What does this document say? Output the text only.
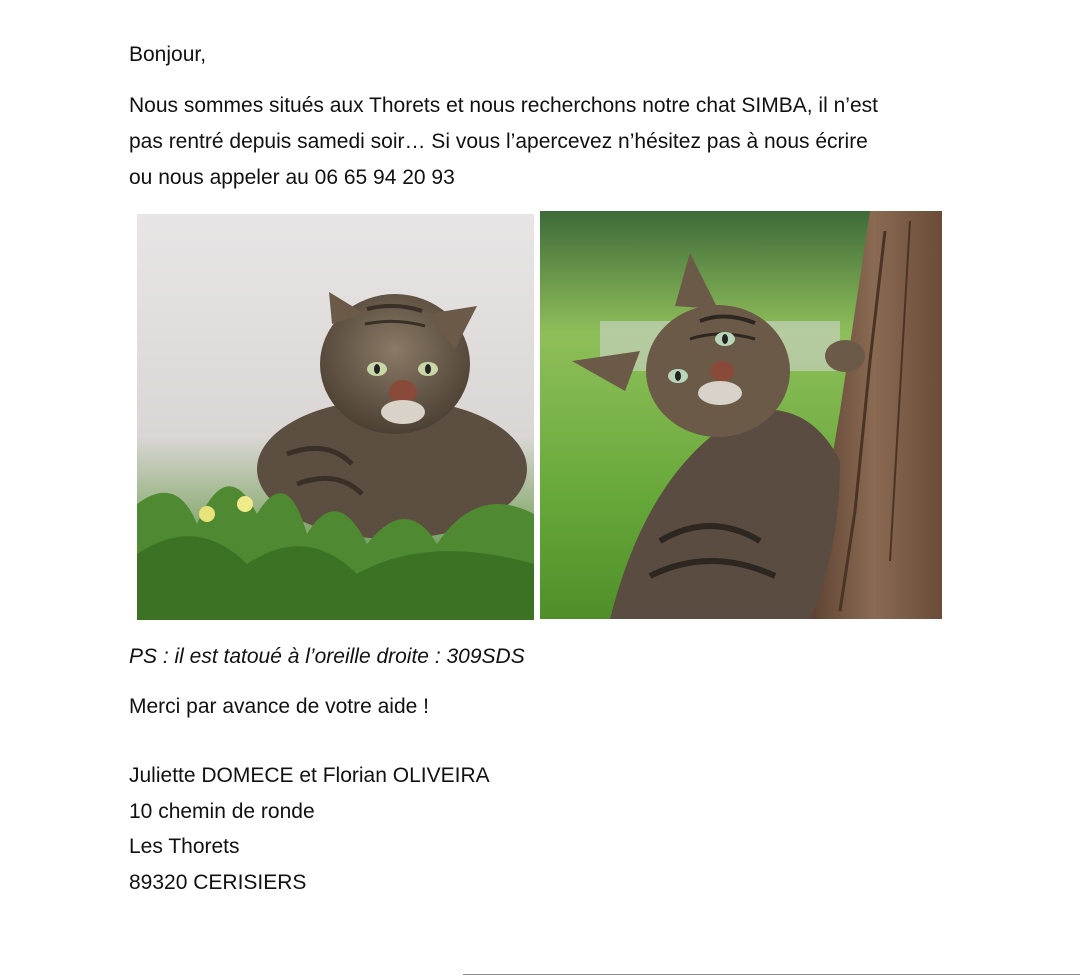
Bonjour,
Nous sommes situés aux Thorets et nous recherchons notre chat SIMBA, il n’est
pas rentré depuis samedi soir… Si vous l’apercevez n’hésitez pas à nous écrire
ou nous appeler au 06 65 94 20 93
PS : il est tatoué à l’oreille droite : 309SDS
Merci par avance de votre aide !
Juliette DOMECE et Florian OLIVEIRA
10 chemin de ronde
Les Thorets
89320 CERISIERS
